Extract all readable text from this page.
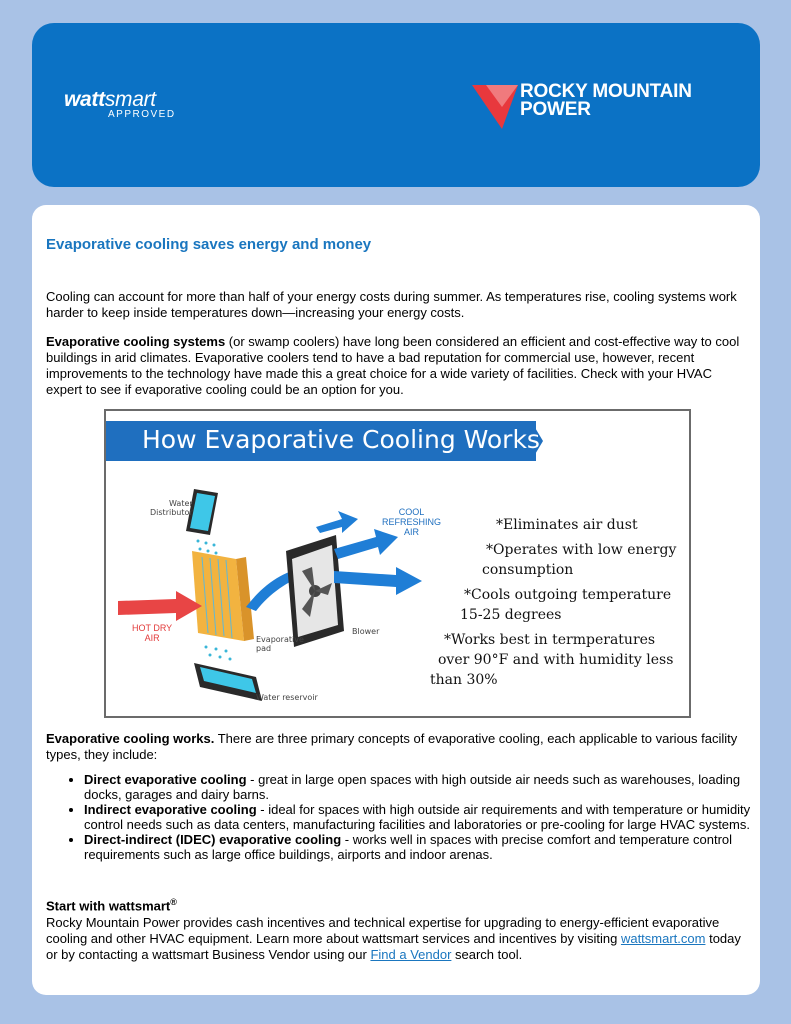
wattsmart
APPROVED
ROCKY MOUNTAIN
POWER
Evaporative cooling saves energy and money

Cooling can account for more than half of your energy costs during summer. As temperatures rise, cooling systems work harder to keep inside temperatures down—increasing your energy costs.

Evaporative cooling systems (or swamp coolers) have long been considered an efficient and cost-effective way to cool buildings in arid climates. Evaporative coolers tend to have a bad reputation for commercial use, however, recent improvements to the technology have made this a great choice for a wide variety of facilities. Check with your HVAC expert to see if evaporative cooling could be an option for you.

How Evaporative Cooling Works
Water
Distributor	COOL
REFRESHING
AIR
HOT DRY
AIR	Evaporative
pad
Blower
Water reservoir
*Eliminates air dust
*Operates with low energy
consumption
*Cools outgoing temperature
15-25 degrees
*Works best in termperatures
over 90°F and with humidity less
than 30%

Evaporative cooling works. There are three primary concepts of evaporative cooling, each applicable to various facility types, they include:

• Direct evaporative cooling - great in large open spaces with high outside air needs such as warehouses, loading docks, garages and dairy barns.
• Indirect evaporative cooling - ideal for spaces with high outside air requirements and with temperature or humidity control needs such as data centers, manufacturing facilities and laboratories or pre-cooling for large HVAC systems.
• Direct-indirect (IDEC) evaporative cooling - works well in spaces with precise comfort and temperature control requirements such as large office buildings, airports and indoor arenas.

Start with wattsmart®

Rocky Mountain Power provides cash incentives and technical expertise for upgrading to energy-efficient evaporative cooling and other HVAC equipment. Learn more about wattsmart services and incentives by visiting wattsmart.com today or by contacting a wattsmart Business Vendor using our Find a Vendor search tool.
